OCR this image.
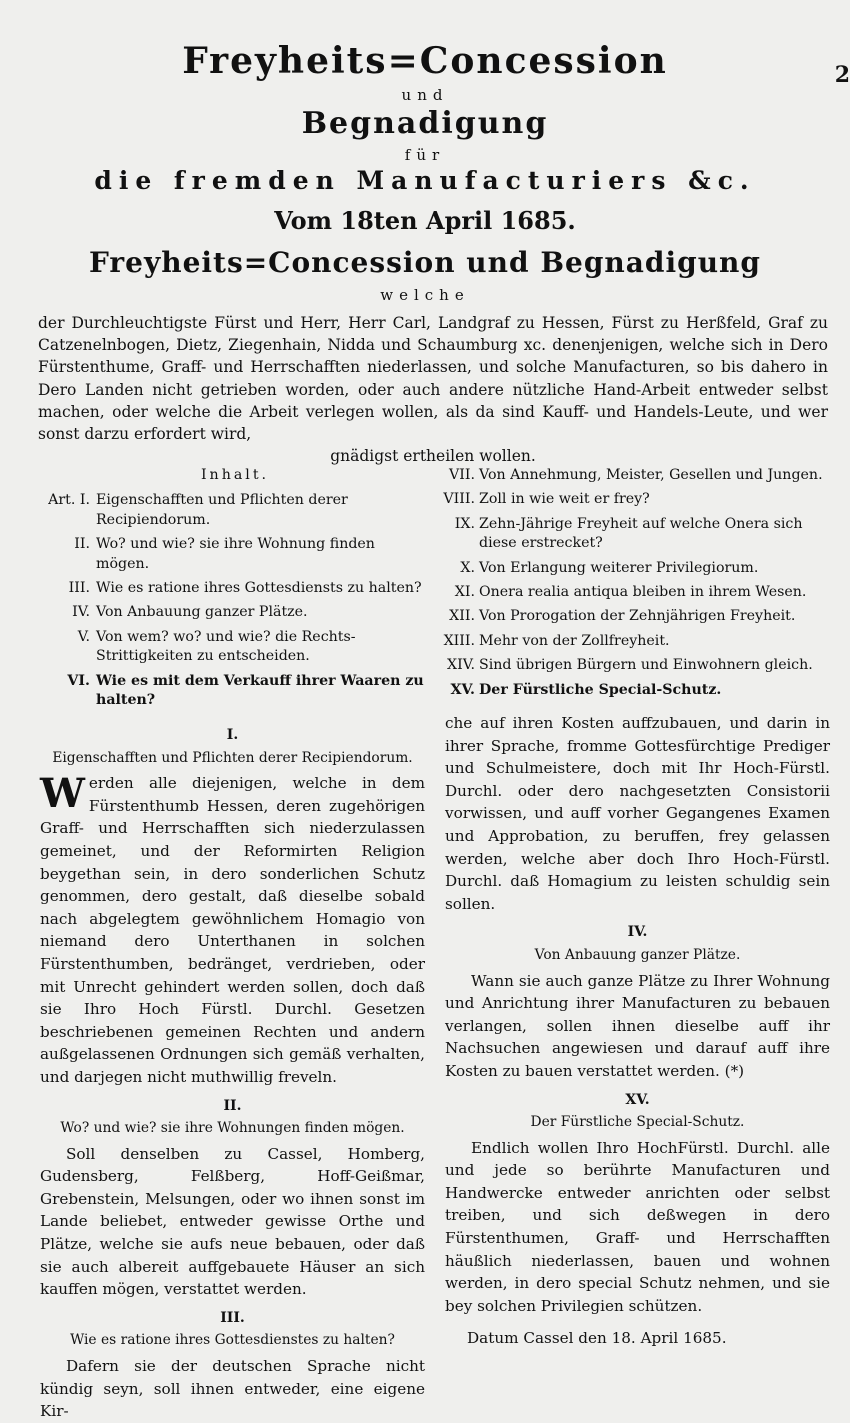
2
Freyheits=Concession
und
Begnadigung
für
die fremden Manufacturiers &c.
Vom 18ten April 1685.
Freyheits=Concession und Begnadigung
welche
der Durchleuchtigste Fürst und Herr, Herr Carl, Landgraf zu Hessen, Fürst zu Herßfeld, Graf zu Catzenelnbogen, Dietz, Ziegenhain, Nidda und Schaumburg xc. denenjenigen, welche sich in Dero Fürstenthume, Graff- und Herrschafften niederlassen, und solche Manufacturen, so bis dahero in Dero Landen nicht getrieben worden, oder auch andere nützliche Hand-Arbeit entweder selbst machen, oder welche die Arbeit verlegen wollen, als da sind Kauff- und Handels-Leute, und wer sonst darzu erfordert wird,
gnädigst ertheilen wollen.
Inhalt.
Art. I. Eigenschafften und Pflichten derer Recipiendorum.
II. Wo? und wie? sie ihre Wohnung finden mögen.
III. Wie es ratione ihres Gottesdiensts zu halten?
IV. Von Anbauung ganzer Plätze.
V. Von wem? wo? und wie? die Rechts-Strittigkeiten zu entscheiden.
VI. Wie es mit dem Verkauff ihrer Waaren zu halten?
VII. Von Annehmung, Meister, Gesellen und Jungen.
VIII. Zoll in wie weit er frey?
IX. Zehn-Jährige Freyheit auf welche Onera sich diese erstrecket?
X. Von Erlangung weiterer Privilegiorum.
XI. Onera realia antiqua bleiben in ihrem Wesen.
XII. Von Prorogation der Zehnjährigen Freyheit.
XIII. Mehr von der Zollfreyheit.
XIV. Sind übrigen Bürgern und Einwohnern gleich.
XV. Der Fürstliche Special-Schutz.
I.
Eigenschafften und Pflichten derer Recipiendorum.

Werden alle diejenigen, welche in dem Fürstenthumb Hessen, deren zugehörigen Graff- und Herrschafften sich niederzulassen gemeinet, und der Reformirten Religion beygethan sein, in dero sonderlichen Schutz genommen, dero gestalt, daß dieselbe sobald nach abgelegtem gewöhnlichem Homagio von niemand dero Unterthanen in solchen Fürstenthumben, bedränget, verdrieben, oder mit Unrecht gehindert werden sollen, doch daß sie Ihro Hoch Fürstl. Durchl. Gesetzen beschriebenen gemeinen Rechten und andern außgelassenen Ordnungen sich gemäß verhalten, und darjegen nicht muthwillig freveln.

II.
Wo? und wie? sie ihre Wohnungen finden mögen.

Soll denselben zu Cassel, Homberg, Gudensberg, Felßberg, Hoff-Geißmar, Grebenstein, Melsungen, oder wo ihnen sonst im Lande beliebet, entweder gewisse Orthe und Plätze, welche sie aufs neue bebauen, oder daß sie auch albereit auffgebauete Häuser an sich kauffen mögen, verstattet werden.

III.
Wie es ratione ihres Gottesdienstes zu halten?

Dafern sie der deutschen Sprache nicht kündig seyn, soll ihnen entweder, eine eigene Kir-

che auf ihren Kosten auffzubauen, und darin in ihrer Sprache, fromme Gottesfürchtige Prediger und Schulmeistere, doch mit Ihr Hoch-Fürstl. Durchl. oder dero nachgesetzten Consistorii vorwissen, und auff vorher Gegangenes Examen und Approbation, zu beruffen, frey gelassen werden, welche aber doch Ihro Hoch-Fürstl. Durchl. daß Homagium zu leisten schuldig sein sollen.

IV.
Von Anbauung ganzer Plätze.

Wann sie auch ganze Plätze zu Ihrer Wohnung und Anrichtung ihrer Manufacturen zu bebauen verlangen, sollen ihnen dieselbe auff ihr Nachsuchen angewiesen und darauf auff ihre Kosten zu bauen verstattet werden. (*)

XV.
Der Fürstliche Special-Schutz.

Endlich wollen Ihro HochFürstl. Durchl. alle und jede so berührte Manufacturen und Handwercke entweder anrichten oder selbst treiben, und sich deßwegen in dero Fürstenthumen, Graff- und Herrschafften häußlich niederlassen, bauen und wohnen werden, in dero special Schutz nehmen, und sie bey solchen Privilegien schützen.

Datum Cassel den 18. April 1685.
